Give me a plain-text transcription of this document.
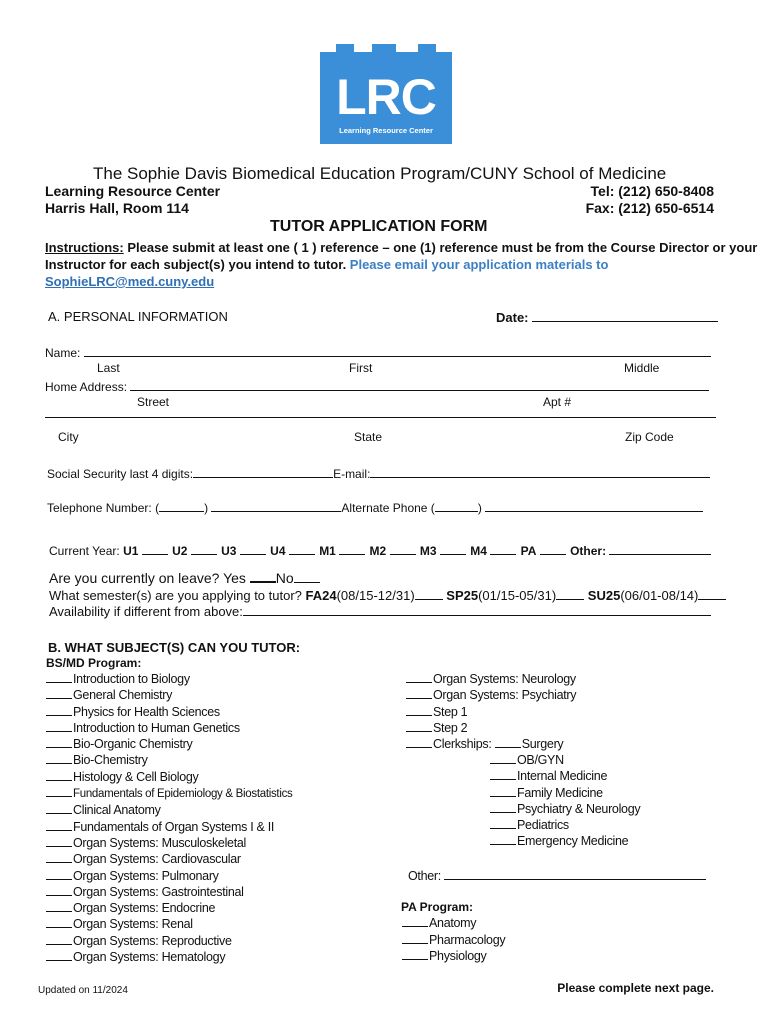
LRC
Learning Resource Center
The Sophie Davis Biomedical Education Program/CUNY School of Medicine
Learning Resource Center
Harris Hall, Room 114
Tel: (212) 650-8408
Fax: (212) 650-6514
TUTOR APPLICATION FORM
Instructions: Please submit at least one ( 1 ) reference – one (1) reference must be from the Course Director or your
Instructor for each subject(s) you intend to tutor. Please email your application materials to
SophieLRC@med.cuny.edu
A. PERSONAL INFORMATION	Date:
Name:
Last	First	Middle
Home Address:
Street	Apt #
City	State	Zip Code
Social Security last 4 digits:	E-mail:
Telephone Number: (	)	Alternate Phone (	)
Current Year: U1	U2	U3	U4	M1	M2	M3	M4	PA	Other:
Are you currently on leave? Yes No
What semester(s) are you applying to tutor? FA24(08/15-12/31) SP25(01/15-05/31) SU25(06/01-08/14)
Availability if different from above:
B. WHAT SUBJECT(S) CAN YOU TUTOR:
BS/MD Program:
Introduction to Biology
General Chemistry
Physics for Health Sciences
Introduction to Human Genetics
Bio-Organic Chemistry
Bio-Chemistry
Histology & Cell Biology
Fundamentals of Epidemiology & Biostatistics
Clinical Anatomy
Fundamentals of Organ Systems I & II
Organ Systems: Musculoskeletal
Organ Systems: Cardiovascular
Organ Systems: Pulmonary
Organ Systems: Gastrointestinal
Organ Systems: Endocrine
Organ Systems: Renal
Organ Systems: Reproductive
Organ Systems: Hematology
Organ Systems: Neurology
Organ Systems: Psychiatry
Step 1
Step 2
Clerkships: Surgery
OB/GYN
Internal Medicine
Family Medicine
Psychiatry & Neurology
Pediatrics
Emergency Medicine
Other:
PA Program:
Anatomy
Pharmacology
Physiology
Updated on 11/2024	Please complete next page.
